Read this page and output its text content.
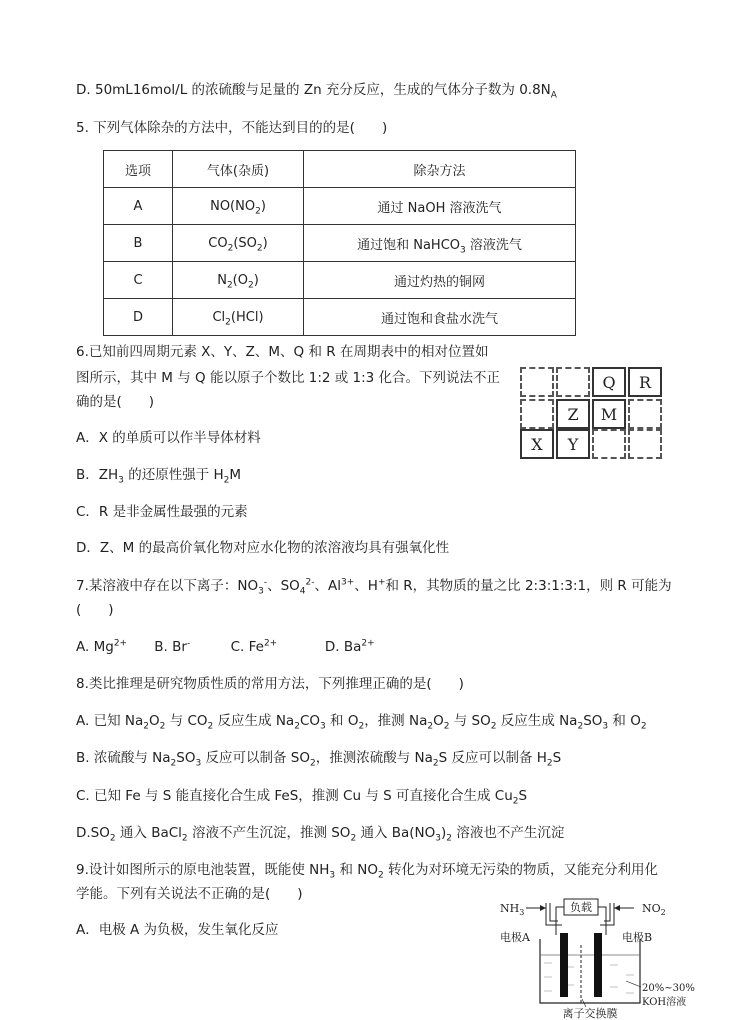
D. 50mL16mol/L 的浓硫酸与足量的 Zn 充分反应，生成的气体分子数为 $0.8N_A$
5. 下列气体除杂的方法中，不能达到目的的是(　　)
选项	气体(杂质)	除杂方法
A	$NO(NO_2)$	通过 NaOH 溶液洗气
B	$CO_2(SO_2)$	通过饱和 NaHCO$_3$ 溶液洗气
C	$N_2(O_2)$	通过灼热的铜网
D	$Cl_2(HCl)$	通过饱和食盐水洗气
6.已知前四周期元素 X、Y、Z、M、Q 和 R 在周期表中的相对位置如
图所示，其中 M 与 Q 能以原子个数比 1:2 或 1:3 化合。下列说法不正
确的是(　　)
A．X 的单质可以作半导体材料
B．$ZH_3$ 的还原性强于 $H_2M$
C．R 是非金属性最强的元素
D．Z、M 的最高价氧化物对应水化物的浓溶液均具有强氧化性
Q	R
Z	M
X	Y
7.某溶液中存在以下离子：$NO_3^-$、$SO_4^{2-}$、$Al^{3+}$、H+和 R，其物质的量之比 2:3:1:3:1，则 R 可能为
(　　)
A. $Mg^{2+}$ B. Br-	C. $Fe^{2+}$	D. $Ba^{2+}$
8.类比推理是研究物质性质的常用方法，下列推理正确的是(　　)
A. 已知 $Na_2O_2$ 与 $CO_2$ 反应生成 $Na_2CO_3$ 和 $O_2$，推测 $Na_2O_2$ 与 $SO_2$ 反应生成 $Na_2SO_3$ 和 $O_2$
B. 浓硫酸与 $Na_2SO_3$ 反应可以制备 $SO_2$，推测浓硫酸与 $Na_2S$ 反应可以制备 $H_2S$
C. 已知 Fe 与 S 能直接化合生成 FeS，推测 Cu 与 S 可直接化合生成 $Cu_2S$
$D.SO_2$ 通入 BaCl$_2$ 溶液不产生沉淀，推测 $SO_2$ 通入 $Ba(NO_3)_2$ 溶液也不产生沉淀
9.设计如图所示的原电池装置，既能使 $NH_3$ 和 $NO_2$ 转化为对环境无污染的物质，又能充分利用化
学能。下列有关说法不正确的是(　　)
A．电极 A 为负极，发生氧化反应
$NH_3$	$NO_2$
负载
电极A	电极B
20%~30%
KOH溶液
离子交换膜
